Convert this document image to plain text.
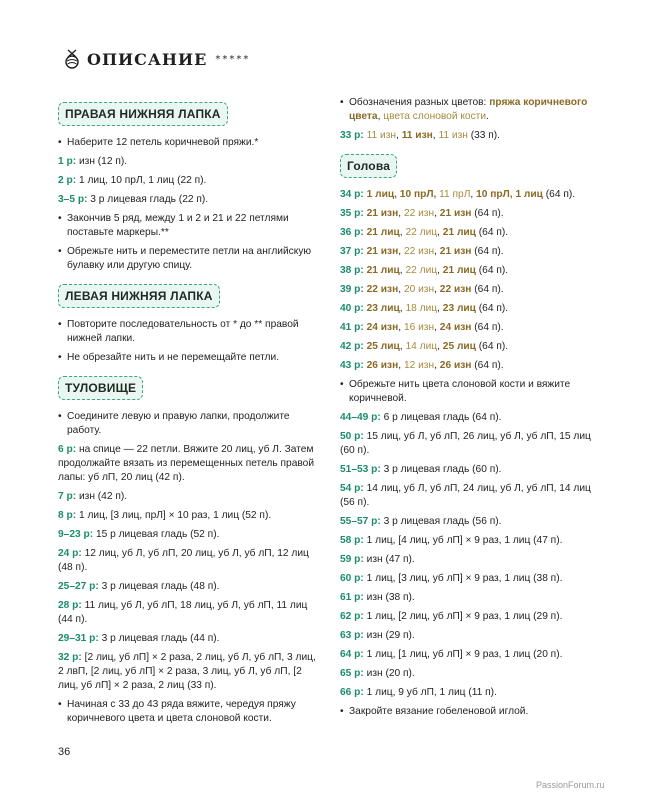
ОПИСАНИЕ *****
ПРАВАЯ НИЖНЯЯ ЛАПКА
• Наберите 12 петель коричневой пряжи.*
1 р: изн (12 п).
2 р: 1 лиц, 10 прЛ, 1 лиц (22 п).
3–5 р: 3 р лицевая гладь (22 п).
• Закончив 5 ряд, между 1 и 2 и 21 и 22 петлями поставьте маркеры.**
• Обрежьте нить и переместите петли на английскую булавку или другую спицу.
ЛЕВАЯ НИЖНЯЯ ЛАПКА
• Повторите последовательность от * до ** правой нижней лапки.
• Не обрезайте нить и не перемещайте петли.
ТУЛОВИЩЕ
• Соедините левую и правую лапки, продолжите работу.
6 р: на спице — 22 петли. Вяжите 20 лиц, уб Л. Затем продолжайте вязать из перемещенных петель правой лапы: уб лП, 20 лиц (42 п).
7 р: изн (42 п).
8 р: 1 лиц, [3 лиц, прЛ] × 10 раз, 1 лиц (52 п).
9–23 р: 15 р лицевая гладь (52 п).
24 р: 12 лиц, уб Л, уб лП, 20 лиц, уб Л, уб лП, 12 лиц (48 п).
25–27 р: 3 р лицевая гладь (48 п).
28 р: 11 лиц, уб Л, уб лП, 18 лиц, уб Л, уб лП, 11 лиц (44 п).
29–31 р: 3 р лицевая гладь (44 п).
32 р: [2 лиц, уб лП] × 2 раза, 2 лиц, уб Л, уб лП, 3 лиц, 2 лвП, [2 лиц, уб лП] × 2 раза, 3 лиц, уб Л, уб лП, [2 лиц, уб лП] × 2 раза, 2 лиц (33 п).
• Начиная с 33 до 43 ряда вяжите, чередуя пряжу коричневого цвета и цвета слоновой кости.
• Обозначения разных цветов: пряжа коричневого цвета, цвета слоновой кости.
33 р: 11 изн, 11 изн, 11 изн (33 п).
Голова
34 р: 1 лиц, 10 прЛ, 11 прЛ, 10 прЛ, 1 лиц (64 п).
35 р: 21 изн, 22 изн, 21 изн (64 п).
36 р: 21 лиц, 22 лиц, 21 лиц (64 п).
37 р: 21 изн, 22 изн, 21 изн (64 п).
38 р: 21 лиц, 22 лиц, 21 лиц (64 п).
39 р: 22 изн, 20 изн, 22 изн (64 п).
40 р: 23 лиц, 18 лиц, 23 лиц (64 п).
41 р: 24 изн, 16 изн, 24 изн (64 п).
42 р: 25 лиц, 14 лиц, 25 лиц (64 п).
43 р: 26 изн, 12 изн, 26 изн (64 п).
• Обрежьте нить цвета слоновой кости и вяжите коричневой.
44–49 р: 6 р лицевая гладь (64 п).
50 р: 15 лиц, уб Л, уб лП, 26 лиц, уб Л, уб лП, 15 лиц (60 п).
51–53 р: 3 р лицевая гладь (60 п).
54 р: 14 лиц, уб Л, уб лП, 24 лиц, уб Л, уб лП, 14 лиц (56 п).
55–57 р: 3 р лицевая гладь (56 п).
58 р: 1 лиц, [4 лиц, уб лП] × 9 раз, 1 лиц (47 п).
59 р: изн (47 п).
60 р: 1 лиц, [3 лиц, уб лП] × 9 раз, 1 лиц (38 п).
61 р: изн (38 п).
62 р: 1 лиц, [2 лиц, уб лП] × 9 раз, 1 лиц (29 п).
63 р: изн (29 п).
64 р: 1 лиц, [1 лиц, уб лП] × 9 раз, 1 лиц (20 п).
65 р: изн (20 п).
66 р: 1 лиц, 9 уб лП, 1 лиц (11 п).
• Закройте вязание гобеленовой иглой.
36
PassionForum.ru
